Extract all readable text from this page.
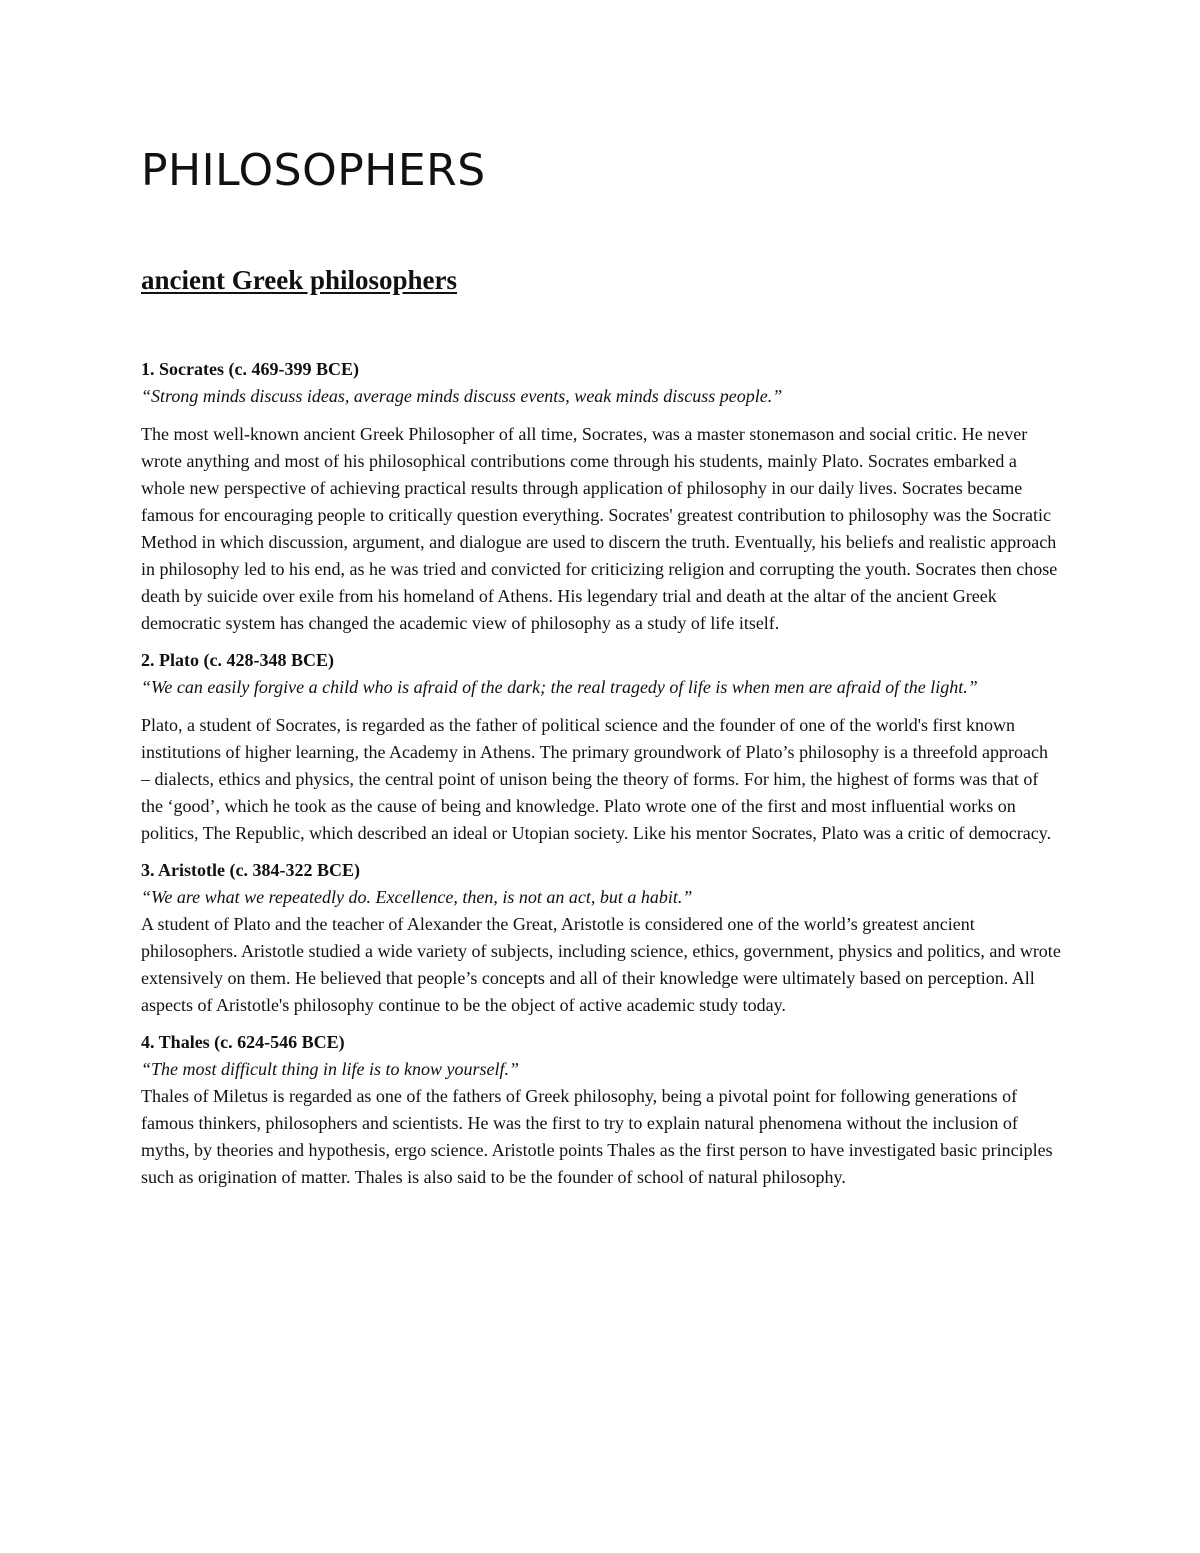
PHILOSOPHERS
ancient Greek philosophers

1. Socrates (c. 469-399 BCE)

“Strong minds discuss ideas, average minds discuss events, weak minds discuss people.”

The most well-known ancient Greek Philosopher of all time, Socrates, was a master stonemason and social critic. He never wrote anything and most of his philosophical contributions come through his students, mainly Plato. Socrates embarked a whole new perspective of achieving practical results through application of philosophy in our daily lives. Socrates became famous for encouraging people to critically question everything. Socrates' greatest contribution to philosophy was the Socratic Method in which discussion, argument, and dialogue are used to discern the truth. Eventually, his beliefs and realistic approach in philosophy led to his end, as he was tried and convicted for criticizing religion and corrupting the youth. Socrates then chose death by suicide over exile from his homeland of Athens. His legendary trial and death at the altar of the ancient Greek democratic system has changed the academic view of philosophy as a study of life itself.

2. Plato (c. 428-348 BCE)

“We can easily forgive a child who is afraid of the dark; the real tragedy of life is when men are afraid of the light.”

Plato, a student of Socrates, is regarded as the father of political science and the founder of one of the world's first known institutions of higher learning, the Academy in Athens. The primary groundwork of Plato’s philosophy is a threefold approach – dialects, ethics and physics, the central point of unison being the theory of forms. For him, the highest of forms was that of the ‘good’, which he took as the cause of being and knowledge. Plato wrote one of the first and most influential works on politics, The Republic, which described an ideal or Utopian society. Like his mentor Socrates, Plato was a critic of democracy.

3. Aristotle (c. 384-322 BCE)

“We are what we repeatedly do. Excellence, then, is not an act, but a habit.”

A student of Plato and the teacher of Alexander the Great, Aristotle is considered one of the world’s greatest ancient philosophers. Aristotle studied a wide variety of subjects, including science, ethics, government, physics and politics, and wrote extensively on them. He believed that people’s concepts and all of their knowledge were ultimately based on perception. All aspects of Aristotle's philosophy continue to be the object of active academic study today.

4. Thales (c. 624-546 BCE)

“The most difficult thing in life is to know yourself.”

Thales of Miletus is regarded as one of the fathers of Greek philosophy, being a pivotal point for following generations of famous thinkers, philosophers and scientists. He was the first to try to explain natural phenomena without the inclusion of myths, by theories and hypothesis, ergo science. Aristotle points Thales as the first person to have investigated basic principles such as origination of matter. Thales is also said to be the founder of school of natural philosophy.
